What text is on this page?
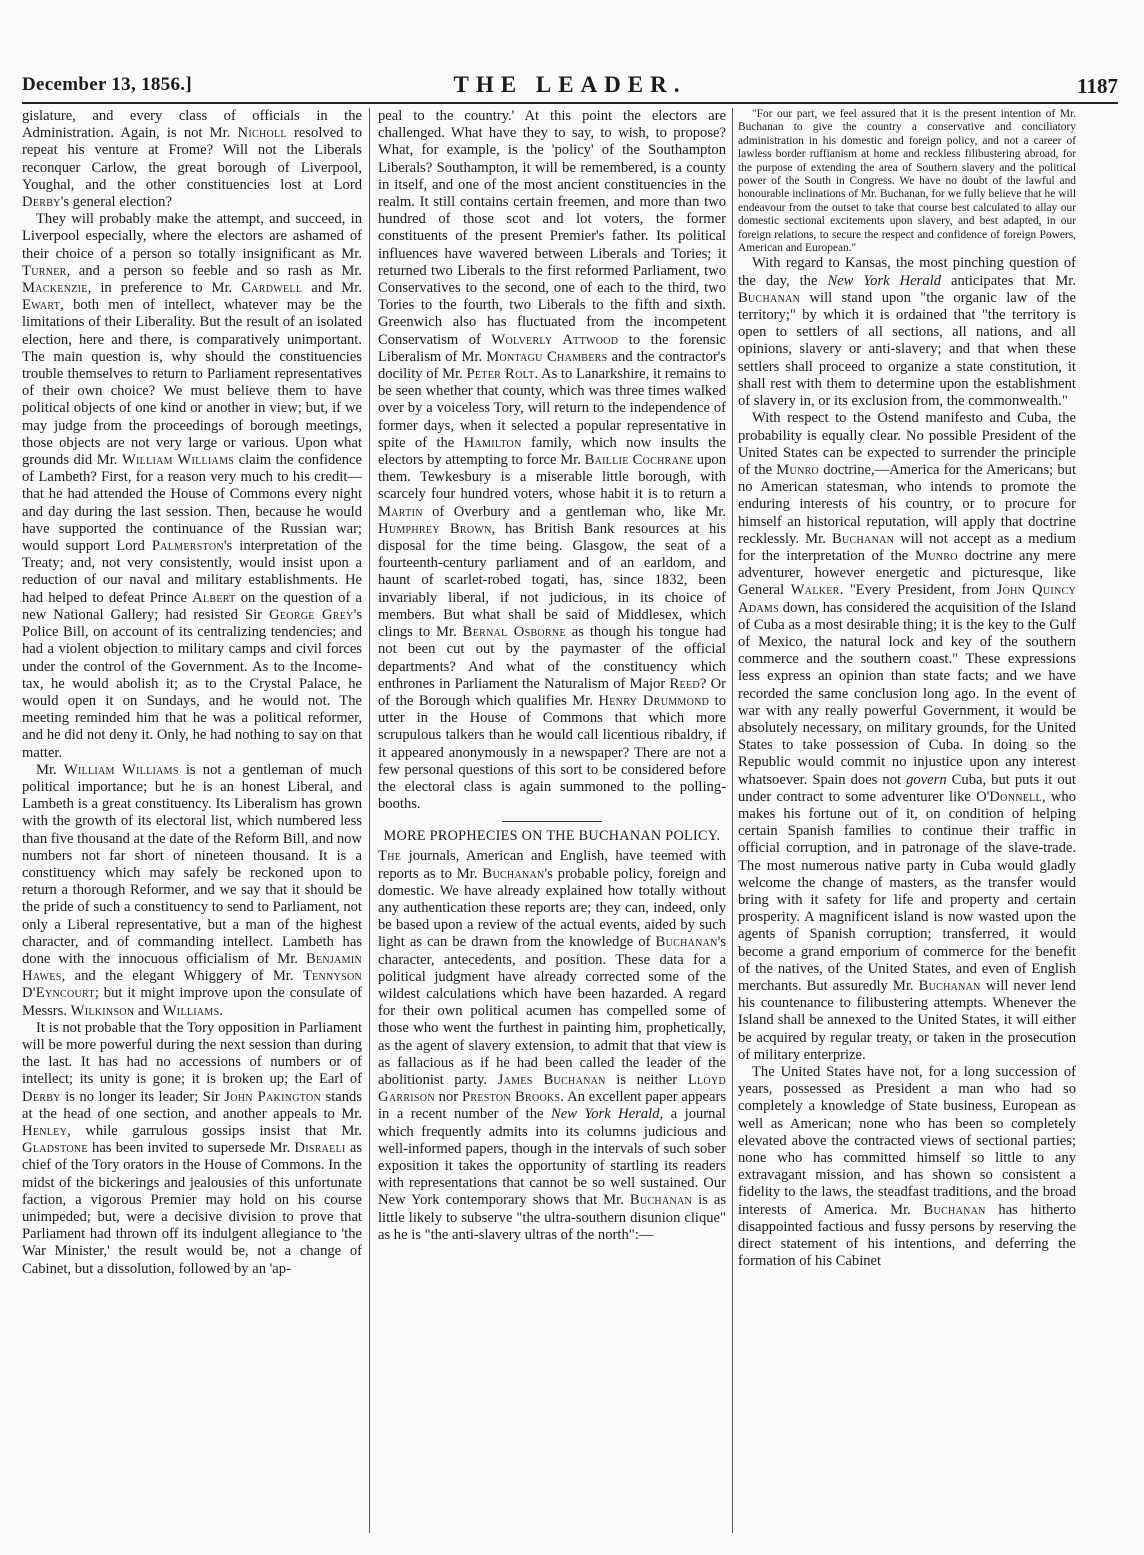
December 13, 1856.]	THE LEADER.	1187

gislature, and every class of officials in the Administration. Again, is not Mr. Nicholl resolved to repeat his venture at Frome? Will not the Liberals reconquer Carlow, the great borough of Liverpool, Youghal, and the other constituencies lost at Lord Derby's general election?

They will probably make the attempt, and succeed, in Liverpool especially, where the electors are ashamed of their choice of a person so totally insignificant as Mr. Turner, and a person so feeble and so rash as Mr. Mackenzie, in preference to Mr. Cardwell and Mr. Ewart, both men of intellect, whatever may be the limitations of their Liberality. But the result of an isolated election, here and there, is comparatively unimportant. The main question is, why should the constituencies trouble themselves to return to Parliament representatives of their own choice? We must believe them to have political objects of one kind or another in view; but, if we may judge from the proceedings of borough meetings, those objects are not very large or various. Upon what grounds did Mr. William Williams claim the confidence of Lambeth? First, for a reason very much to his credit—that he had attended the House of Commons every night and day during the last session. Then, because he would have supported the continuance of the Russian war; would support Lord Palmerston's interpretation of the Treaty; and, not very consistently, would insist upon a reduction of our naval and military establishments. He had helped to defeat Prince Albert on the question of a new National Gallery; had resisted Sir George Grey's Police Bill, on account of its centralizing tendencies; and had a violent objection to military camps and civil forces under the control of the Government. As to the Income-tax, he would abolish it; as to the Crystal Palace, he would open it on Sundays, and he would not. The meeting reminded him that he was a political reformer, and he did not deny it. Only, he had nothing to say on that matter.

Mr. William Williams is not a gentleman of much political importance; but he is an honest Liberal, and Lambeth is a great constituency. Its Liberalism has grown with the growth of its electoral list, which numbered less than five thousand at the date of the Reform Bill, and now numbers not far short of nineteen thousand. It is a constituency which may safely be reckoned upon to return a thorough Reformer, and we say that it should be the pride of such a constituency to send to Parliament, not only a Liberal representative, but a man of the highest character, and of commanding intellect. Lambeth has done with the innocuous officialism of Mr. Benjamin Hawes, and the elegant Whiggery of Mr. Tennyson D'Eyncourt; but it might improve upon the consulate of Messrs. Wilkinson and Williams.

It is not probable that the Tory opposition in Parliament will be more powerful during the next session than during the last. It has had no accessions of numbers or of intellect; its unity is gone; it is broken up; the Earl of Derby is no longer its leader; Sir John Pakington stands at the head of one section, and another appeals to Mr. Henley, while garrulous gossips insist that Mr. Gladstone has been invited to supersede Mr. Disraeli as chief of the Tory orators in the House of Commons. In the midst of the bickerings and jealousies of this unfortunate faction, a vigorous Premier may hold on his course unimpeded; but, were a decisive division to prove that Parliament had thrown off its indulgent allegiance to 'the War Minister,' the result would be, not a change of Cabinet, but a dissolution, followed by an 'ap-

peal to the country.' At this point the electors are challenged. What have they to say, to wish, to propose? What, for example, is the 'policy' of the Southampton Liberals? Southampton, it will be remembered, is a county in itself, and one of the most ancient constituencies in the realm. It still contains certain freemen, and more than two hundred of those scot and lot voters, the former constituents of the present Premier's father. Its political influences have wavered between Liberals and Tories; it returned two Liberals to the first reformed Parliament, two Conservatives to the second, one of each to the third, two Tories to the fourth, two Liberals to the fifth and sixth. Greenwich also has fluctuated from the incompetent Conservatism of Wolverly Attwood to the forensic Liberalism of Mr. Montagu Chambers and the contractor's docility of Mr. Peter Rolt. As to Lanarkshire, it remains to be seen whether that county, which was three times walked over by a voiceless Tory, will return to the independence of former days, when it selected a popular representative in spite of the Hamilton family, which now insults the electors by attempting to force Mr. Baillie Cochrane upon them. Tewkesbury is a miserable little borough, with scarcely four hundred voters, whose habit it is to return a Martin of Overbury and a gentleman who, like Mr. Humphrey Brown, has British Bank resources at his disposal for the time being. Glasgow, the seat of a fourteenth-century parliament and of an earldom, and haunt of scarlet-robed togati, has, since 1832, been invariably liberal, if not judicious, in its choice of members. But what shall be said of Middlesex, which clings to Mr. Bernal Osborne as though his tongue had not been cut out by the paymaster of the official departments? And what of the constituency which enthrones in Parliament the Naturalism of Major Reed? Or of the Borough which qualifies Mr. Henry Drummond to utter in the House of Commons that which more scrupulous talkers than he would call licentious ribaldry, if it appeared anonymously in a newspaper? There are not a few personal questions of this sort to be considered before the electoral class is again summoned to the polling-booths.

MORE PROPHECIES ON THE BUCHANAN POLICY.

The journals, American and English, have teemed with reports as to Mr. Buchanan's probable policy, foreign and domestic. We have already explained how totally without any authentication these reports are; they can, indeed, only be based upon a review of the actual events, aided by such light as can be drawn from the knowledge of Buchanan's character, antecedents, and position. These data for a political judgment have already corrected some of the wildest calculations which have been hazarded. A regard for their own political acumen has compelled some of those who went the furthest in painting him, prophetically, as the agent of slavery extension, to admit that that view is as fallacious as if he had been called the leader of the abolitionist party. James Buchanan is neither Lloyd Garrison nor Preston Brooks. An excellent paper appears in a recent number of the New York Herald, a journal which frequently admits into its columns judicious and well-informed papers, though in the intervals of such sober exposition it takes the opportunity of startling its readers with representations that cannot be so well sustained. Our New York contemporary shows that Mr. Buchanan is as little likely to subserve "the ultra-southern disunion clique" as he is "the anti-slavery ultras of the north":—

"For our part, we feel assured that it is the present intention of Mr. Buchanan to give the country a conservative and conciliatory administration in his domestic and foreign policy, and not a career of lawless border ruffianism at home and reckless filibustering abroad, for the purpose of extending the area of Southern slavery and the political power of the South in Congress. We have no doubt of the lawful and honourable inclinations of Mr. Buchanan, for we fully believe that he will endeavour from the outset to take that course best calculated to allay our domestic sectional excitements upon slavery, and best adapted, in our foreign relations, to secure the respect and confidence of foreign Powers, American and European."

With regard to Kansas, the most pinching question of the day, the New York Herald anticipates that Mr. Buchanan will stand upon "the organic law of the territory;" by which it is ordained that "the territory is open to settlers of all sections, all nations, and all opinions, slavery or anti-slavery; and that when these settlers shall proceed to organize a state constitution, it shall rest with them to determine upon the establishment of slavery in, or its exclusion from, the commonwealth."

With respect to the Ostend manifesto and Cuba, the probability is equally clear. No possible President of the United States can be expected to surrender the principle of the Munro doctrine,—America for the Americans; but no American statesman, who intends to promote the enduring interests of his country, or to procure for himself an historical reputation, will apply that doctrine recklessly. Mr. Buchanan will not accept as a medium for the interpretation of the Munro doctrine any mere adventurer, however energetic and picturesque, like General Walker. "Every President, from John Quincy Adams down, has considered the acquisition of the Island of Cuba as a most desirable thing; it is the key to the Gulf of Mexico, the natural lock and key of the southern commerce and the southern coast." These expressions less express an opinion than state facts; and we have recorded the same conclusion long ago. In the event of war with any really powerful Government, it would be absolutely necessary, on military grounds, for the United States to take possession of Cuba. In doing so the Republic would commit no injustice upon any interest whatsoever. Spain does not govern Cuba, but puts it out under contract to some adventurer like O'Donnell, who makes his fortune out of it, on condition of helping certain Spanish families to continue their traffic in official corruption, and in patronage of the slave-trade. The most numerous native party in Cuba would gladly welcome the change of masters, as the transfer would bring with it safety for life and property and certain prosperity. A magnificent island is now wasted upon the agents of Spanish corruption; transferred, it would become a grand emporium of commerce for the benefit of the natives, of the United States, and even of English merchants. But assuredly Mr. Buchanan will never lend his countenance to filibustering attempts. Whenever the Island shall be annexed to the United States, it will either be acquired by regular treaty, or taken in the prosecution of military enterprize.

The United States have not, for a long succession of years, possessed as President a man who had so completely a knowledge of State business, European as well as American; none who has been so completely elevated above the contracted views of sectional parties; none who has committed himself so little to any extravagant mission, and has shown so consistent a fidelity to the laws, the steadfast traditions, and the broad interests of America. Mr. Buchanan has hitherto disappointed factious and fussy persons by reserving the direct statement of his intentions, and deferring the formation of his Cabinet
